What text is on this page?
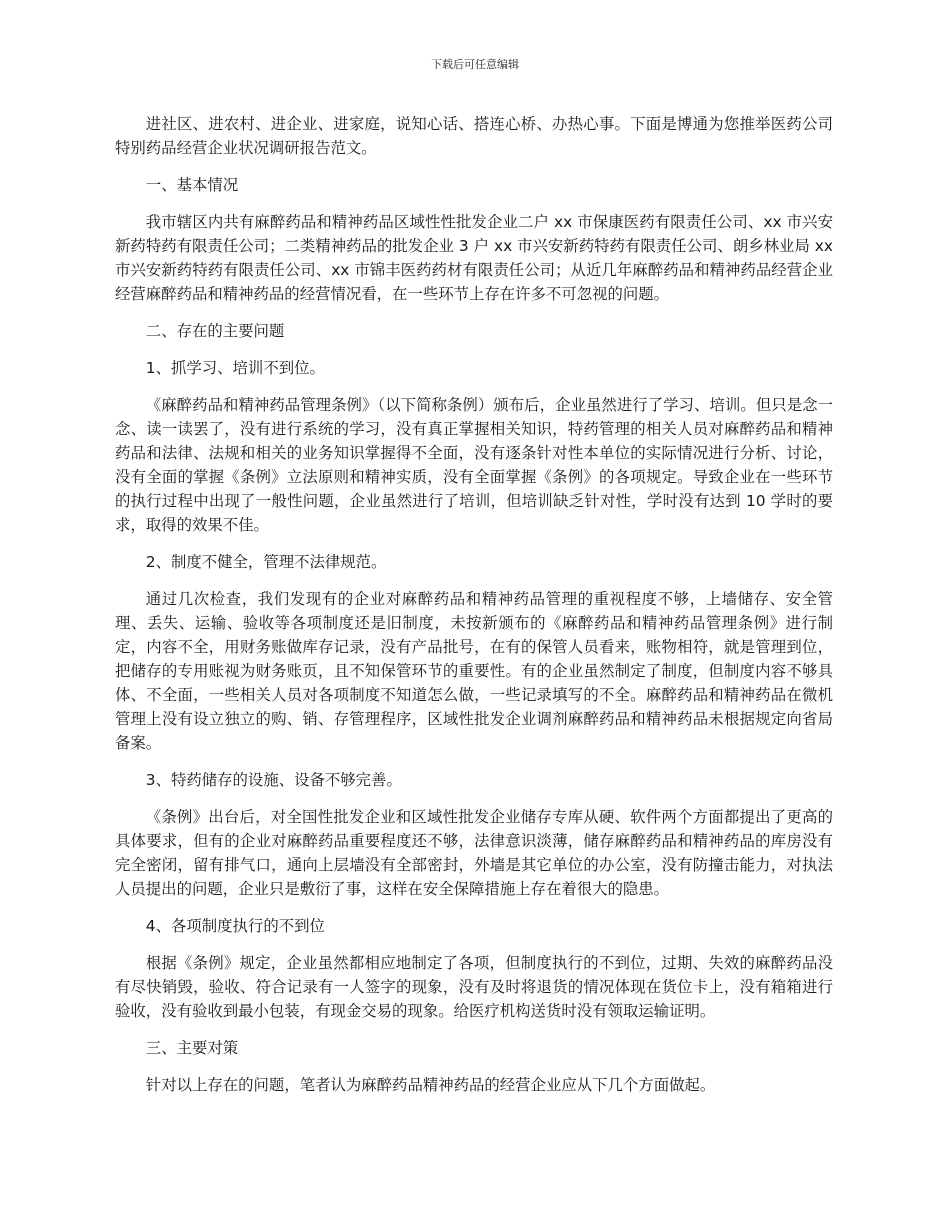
下载后可任意编辑

进社区、进农村、进企业、进家庭，说知心话、搭连心桥、办热心事。下面是博通为您推举医药公司特别药品经营企业状况调研报告范文。

一、基本情况

我市辖区内共有麻醉药品和精神药品区域性性批发企业二户 xx 市保康医药有限责任公司、xx 市兴安新药特药有限责任公司；二类精神药品的批发企业 3 户 xx 市兴安新药特药有限责任公司、朗乡林业局 xx 市兴安新药特药有限责任公司、xx 市锦丰医药药材有限责任公司；从近几年麻醉药品和精神药品经营企业经营麻醉药品和精神药品的经营情况看，在一些环节上存在许多不可忽视的问题。

二、存在的主要问题

1、抓学习、培训不到位。

《麻醉药品和精神药品管理条例》（以下简称条例）颁布后，企业虽然进行了学习、培训。但只是念一念、读一读罢了，没有进行系统的学习，没有真正掌握相关知识，特药管理的相关人员对麻醉药品和精神药品和法律、法规和相关的业务知识掌握得不全面，没有逐条针对性本单位的实际情况进行分析、讨论，没有全面的掌握《条例》立法原则和精神实质，没有全面掌握《条例》的各项规定。导致企业在一些环节的执行过程中出现了一般性问题，企业虽然进行了培训，但培训缺乏针对性，学时没有达到 10 学时的要求，取得的效果不佳。

2、制度不健全，管理不法律规范。

通过几次检查，我们发现有的企业对麻醉药品和精神药品管理的重视程度不够，上墙储存、安全管理、丢失、运输、验收等各项制度还是旧制度，未按新颁布的《麻醉药品和精神药品管理条例》进行制定，内容不全，用财务账做库存记录，没有产品批号，在有的保管人员看来，账物相符，就是管理到位，把储存的专用账视为财务账页，且不知保管环节的重要性。有的企业虽然制定了制度，但制度内容不够具体、不全面，一些相关人员对各项制度不知道怎么做，一些记录填写的不全。麻醉药品和精神药品在微机管理上没有设立独立的购、销、存管理程序，区域性批发企业调剂麻醉药品和精神药品未根据规定向省局备案。

3、特药储存的设施、设备不够完善。

《条例》出台后，对全国性批发企业和区域性批发企业储存专库从硬、软件两个方面都提出了更高的具体要求，但有的企业对麻醉药品重要程度还不够，法律意识淡薄，储存麻醉药品和精神药品的库房没有完全密闭，留有排气口，通向上层墙没有全部密封，外墙是其它单位的办公室，没有防撞击能力，对执法人员提出的问题，企业只是敷衍了事，这样在安全保障措施上存在着很大的隐患。

4、各项制度执行的不到位

根据《条例》规定，企业虽然都相应地制定了各项，但制度执行的不到位，过期、失效的麻醉药品没有尽快销毁，验收、符合记录有一人签字的现象，没有及时将退货的情况体现在货位卡上，没有箱箱进行验收，没有验收到最小包装，有现金交易的现象。给医疗机构送货时没有领取运输证明。

三、主要对策

针对以上存在的问题，笔者认为麻醉药品精神药品的经营企业应从下几个方面做起。
